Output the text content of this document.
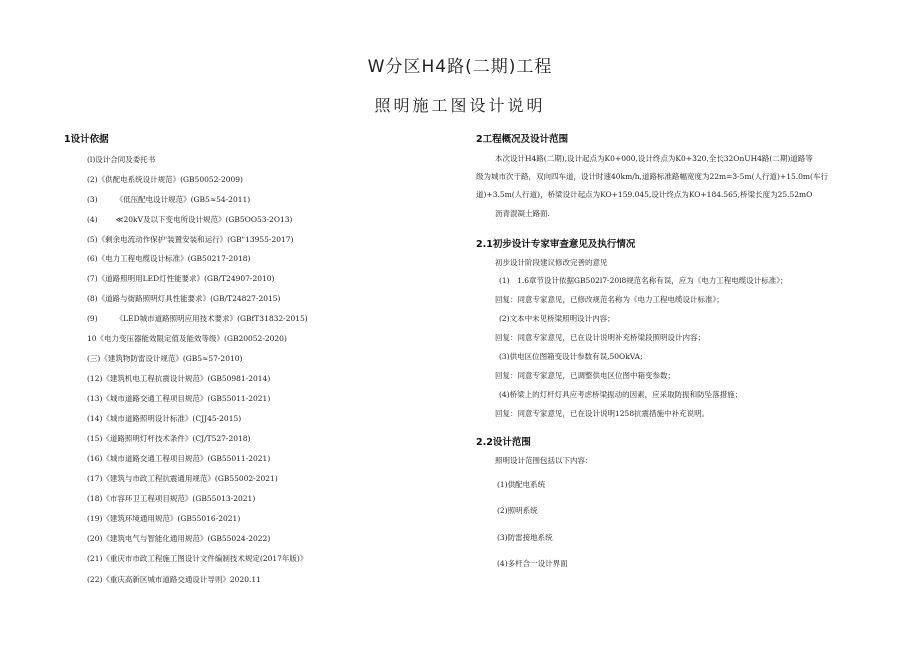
W分区H4路(二期)工程
照明施工图设计说明
1设计依据
(l)设计合同及委托书
(2)《供配电系统设计规范》(GB50052-2009)
(3) 《低压配电设计规范》(GB5≈54-2011)
(4) ≪20kV及以下变电所设计规范》(GB5OO53-2O13)
(5)《剩余电流动作保护'装置安装和运行》(GB"13955-2017)
(6)《电力工程电缆设计标准》(GB50217-2018)
(7)《道路照明用LED灯性能要求》(GB/T24907-2010)
(8)《道路与街路照明灯具性能要求》(GB/T24827-2015)
(9) 《LED城市道路照明应用技术要求》(GBfT31832-2015)
10《电力变压器能效限定值及能效等级》(GB20052-2020)
(三)《建筑物防雷设计规范》(GB5≈57-2010)
(12)《建筑机电工程抗震设计规范》(GB50981-2014)
(13)《城市道路交通工程项目规范》(GB55011-2021)
(14)《城市道路照明设计标准》(CJJ45-2015)
(15)《道路照明灯杆技术条件》(CJ/T527-2018)
(16)《城市道路交通工程项目规范》(GB55011-2021)
(17)《建筑与市政工程抗震通用规范》(GB55002-2021)
(18)《市容环卫工程项目规范》(GB55013-2021)
(19)《建筑环境通用规范》(GB55016-2021)
(20)《建筑电气与智能化通用规范》(GB55024-2022)
(21)《重庆市市政工程施工图设计文件编制技术规定(2017年版)》
(22)《重庆高新区城市道路交通设计导则》2020.11
2工程概况及设计范围
本次设计H4路(二期),设计起点为K0+000,设计终点为K0+320,全长32OnUH4路(二期)道路等
级为城市次干路，双向四车道，设计时速40km/h,道路标准路幅宽度为22m=3-5m(人行道)+15.0m(车行
道)+3.5m(人行道)，桥梁设计起点为KO+159.045,设计终点为KO+184.565,桥梁长度为25.52mO
沥青混凝土路面.
2.1初步设计专家审查意见及执行情况
初步设计阶段建议修改完善的意见
(1)　1.6章节设计依据GB502l7-20l8规范名称有误，应为《电力工程电缆设计标准》；
回复：同意专家意见，已修改规范名称为《电力工程电缆设计标准》；
(2)文本中未见桥梁照明设计内容；
回复：同意专家意见，已在设计说明补充桥梁段照明设计内容；
(3)供电区位图箱变设计参数有误,50OkVA;
回复：同意专家意见，已调整供电区位图中箱变参数；
(4)桥梁上的灯杆灯具应考虑桥梁振动的因素，应采取防振和防坠落措施；
回复：同意专家意见，已在设计说明1258抗震措施中补充说明。
2.2设计范围
照明设计范围包括以下内容：
(1)供配电系统
(2)照明系统
(3)防雷接地系统
(4)多杆合一设计界面
